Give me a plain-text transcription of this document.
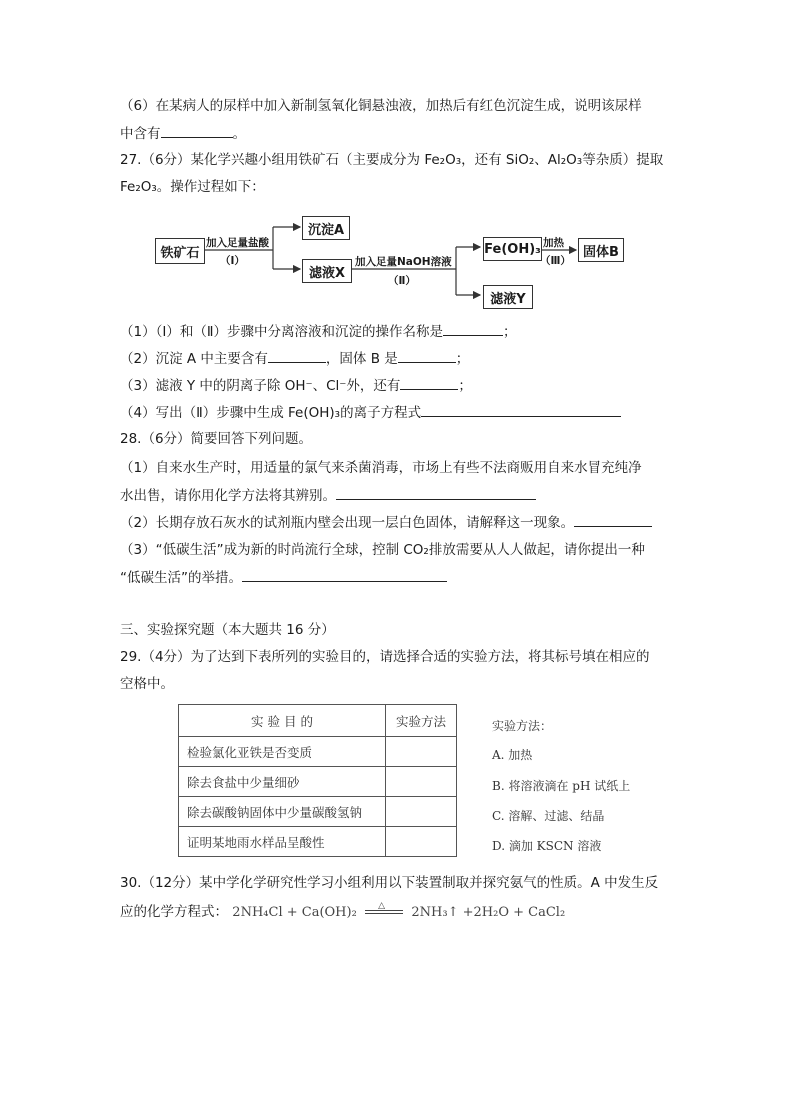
（6）在某病人的尿样中加入新制氢氧化铜悬浊液，加热后有红色沉淀生成，说明该尿样
中含有	。
27.（6分）某化学兴趣小组用铁矿石（主要成分为 Fe₂O₃，还有 SiO₂、Al₂O₃等杂质）提取
Fe₂O₃。操作过程如下：
铁矿石
加入足量盐酸
（Ⅰ）
沉淀A
滤液X
加入足量NaOH溶液
（Ⅱ）
Fe(OH)₃ 加热
（Ⅲ）
固体B
滤液Y
（1）（Ⅰ）和（Ⅱ）步骤中分离溶液和沉淀的操作名称是	；
（2）沉淀 A 中主要含有	，固体 B 是	；
（3）滤液 Y 中的阴离子除 OH⁻、Cl⁻外，还有	；
（4）写出（Ⅱ）步骤中生成 Fe(OH)₃的离子方程式
28.（6分）简要回答下列问题。
（1）自来水生产时，用适量的氯气来杀菌消毒，市场上有些不法商贩用自来水冒充纯净
水出售，请你用化学方法将其辨别。
（2）长期存放石灰水的试剂瓶内壁会出现一层白色固体，请解释这一现象。
（3）“低碳生活”成为新的时尚流行全球，控制 CO₂排放需要从人人做起，请你提出一种
“低碳生活”的举措。
三、实验探究题（本大题共 16 分）
29.（4分）为了达到下表所列的实验目的，请选择合适的实验方法，将其标号填在相应的
空格中。
实 验 目 的	实验方法
检验氯化亚铁是否变质	
除去食盐中少量细砂	
除去碳酸钠固体中少量碳酸氢钠	
证明某地雨水样品呈酸性	
实验方法：
A. 加热
B. 将溶液滴在 pH 试纸上
C. 溶解、过滤、结晶
D. 滴加 KSCN 溶液
30.（12分）某中学化学研究性学习小组利用以下装置制取并探究氨气的性质。A 中发生反
应的化学方程式： 2NH₄Cl + Ca(OH)₂ △ 2NH₃↑ +2H₂O + CaCl₂
